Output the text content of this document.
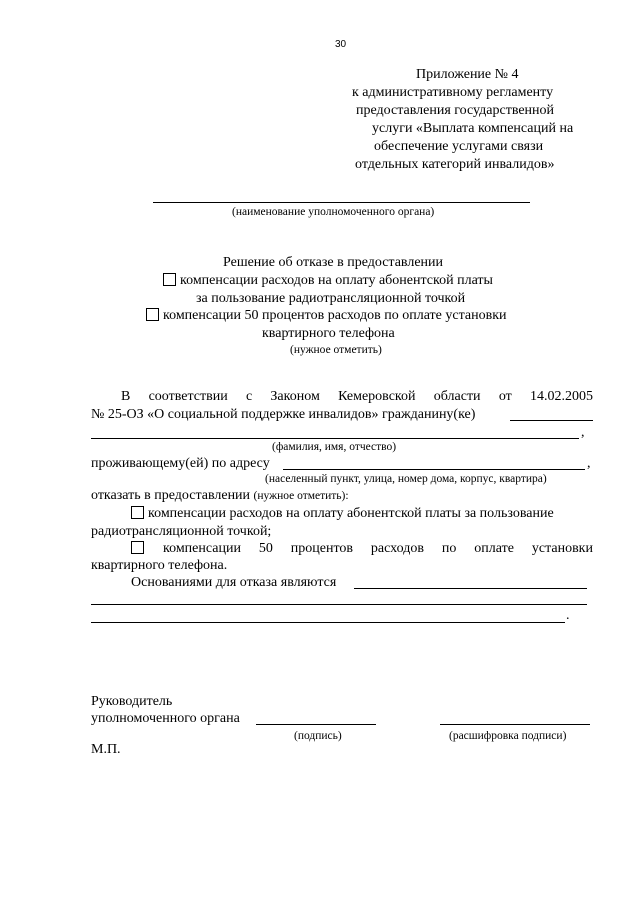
30
Приложение № 4
к административному регламенту
предоставления государственной
услуги «Выплата компенсаций на
обеспечение услугами связи
отдельных категорий инвалидов»
(наименование уполномоченного органа)
Решение об отказе в предоставлении
компенсации расходов на оплату абонентской платы
за пользование радиотрансляционной точкой
компенсации 50 процентов расходов по оплате установки
квартирного телефона
(нужное отметить)
В соответствии с Законом Кемеровской области от 14.02.2005
№ 25-ОЗ «О социальной поддержке инвалидов» гражданину(ке)
,
(фамилия, имя, отчество)
проживающему(ей) по адресу	,
(населенный пункт, улица, номер дома, корпус, квартира)
отказать в предоставлении (нужное отметить):
компенсации расходов на оплату абонентской платы за пользование
радиотрансляционной точкой;
компенсации 50 процентов расходов по оплате установки
квартирного телефона.
Основаниями для отказа являются
.
Руководитель
уполномоченного органа
(подпись)	(расшифровка подписи)
М.П.
